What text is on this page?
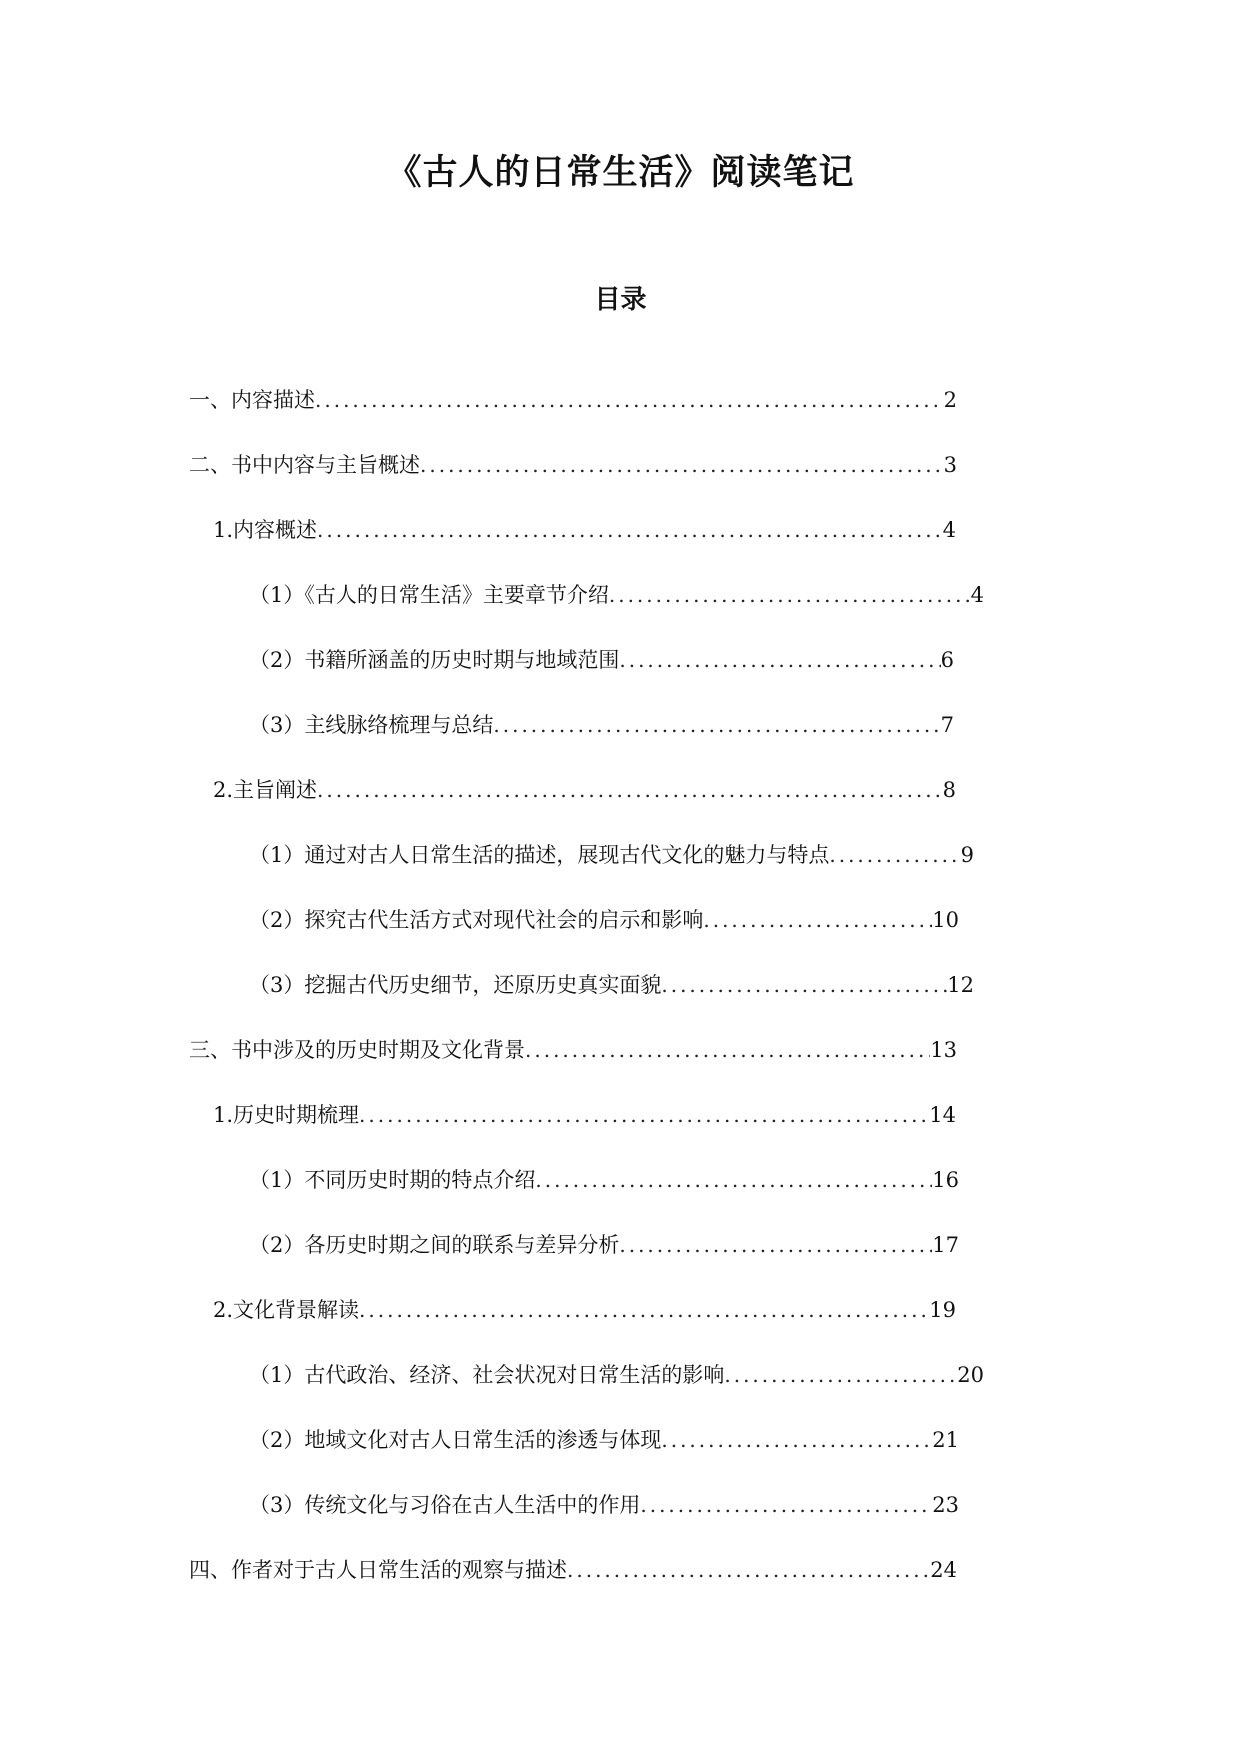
《古人的日常生活》阅读笔记
目录
一、内容描述 .....	2
二、书中内容与主旨概述 .....	3
1. 内容概述 .....	4
（1）《古人的日常生活》主要章节介绍 .....	4
（2）书籍所涵盖的历史时期与地域范围 .....	6
（3）主线脉络梳理与总结 .....	7
2. 主旨阐述 .....	8
（1）通过对古人日常生活的描述，展现古代文化的魅力与特点 .....	9
（2）探究古代生活方式对现代社会的启示和影响 .....	10
（3）挖掘古代历史细节，还原历史真实面貌 .....	12
三、书中涉及的历史时期及文化背景 .....	13
1. 历史时期梳理 .....	14
（1）不同历史时期的特点介绍 .....	16
（2）各历史时期之间的联系与差异分析 .....	17
2. 文化背景解读 .....	19
（1）古代政治、经济、社会状况对日常生活的影响 .....	20
（2）地域文化对古人日常生活的渗透与体现 .....	21
（3）传统文化与习俗在古人生活中的作用 .....	23
四、作者对于古人日常生活的观察与描述 .....	24
